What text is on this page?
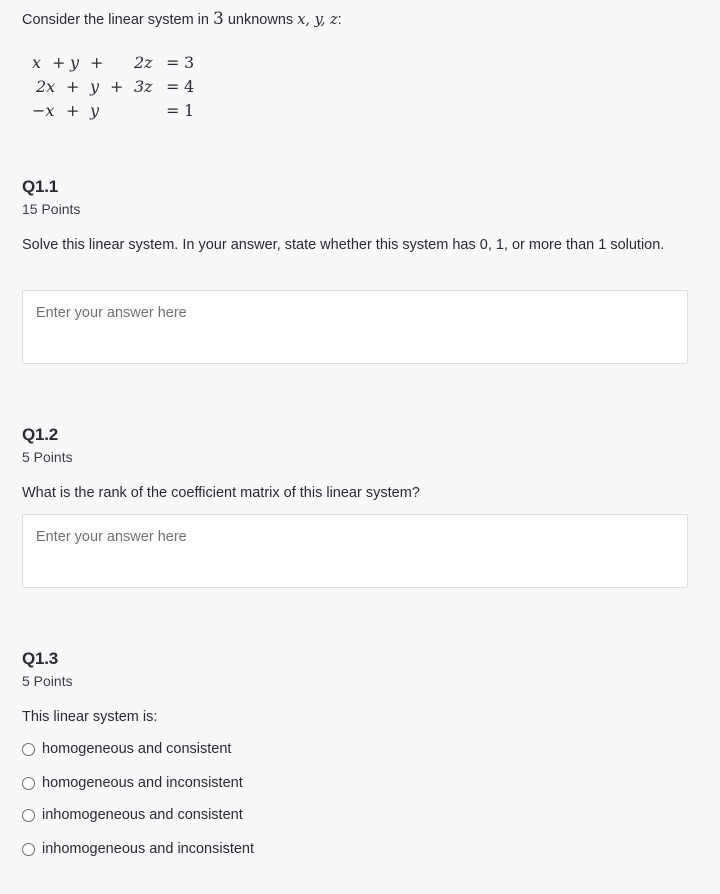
Consider the linear system in 3 unknowns x, y, z:
x + y + 2z = 3
2x + y + 3z = 4
−x + y	= 1
Q1.1
15 Points
Solve this linear system. In your answer, state whether this system has 0, 1, or more than 1 solution.
Enter your answer here
Q1.2
5 Points
What is the rank of the coefficient matrix of this linear system?
Enter your answer here
Q1.3
5 Points
This linear system is:
homogeneous and consistent
homogeneous and inconsistent
inhomogeneous and consistent
inhomogeneous and inconsistent
